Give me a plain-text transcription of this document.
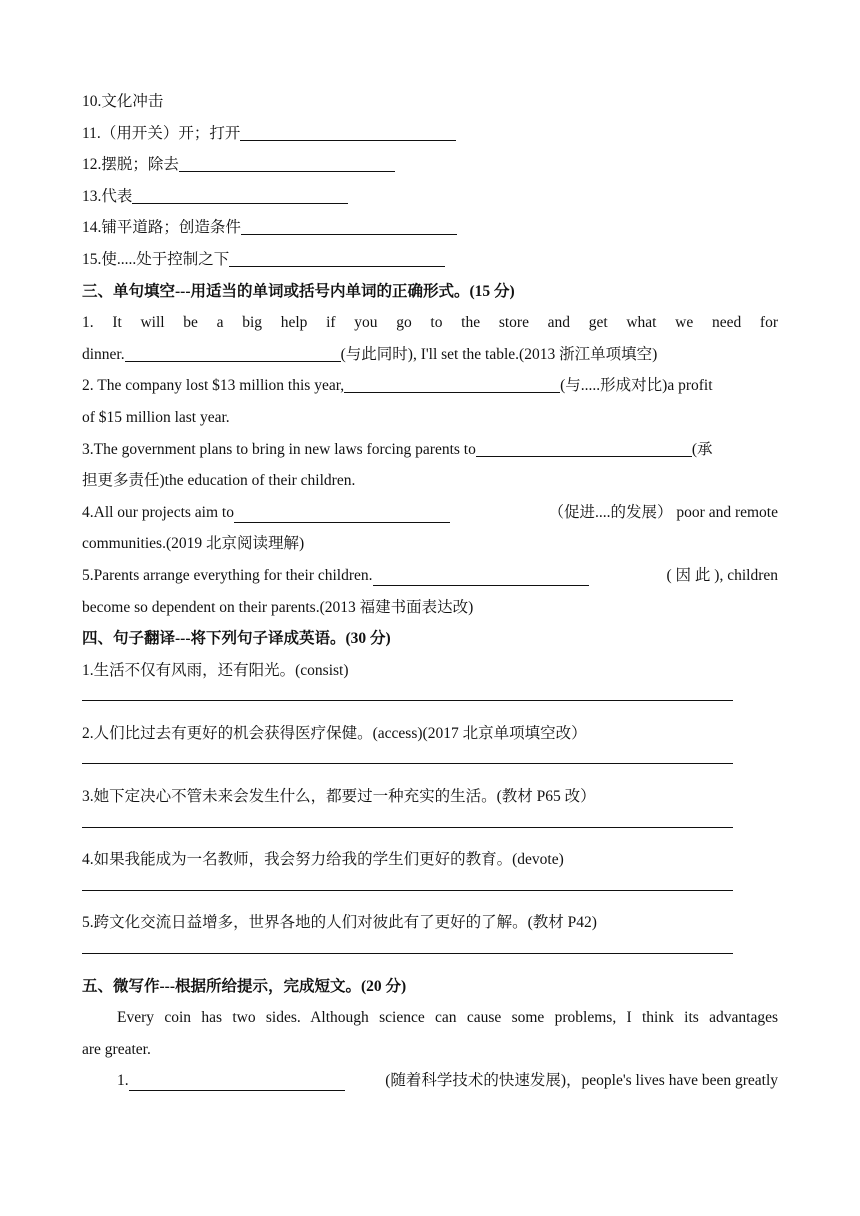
10.文化冲击
11.（用开关）开；打开
12.摆脱；除去
13.代表
14.铺平道路；创造条件
15.使.....处于控制之下
三、单句填空---用适当的单词或括号内单词的正确形式。(15 分)
1. It will be a big help if you go to the store and get what we need for
dinner.	(与此同时), I'll set the table.(2013 浙江单项填空)
2. The company lost $13 million this year,	(与.....形成对比)a profit
of $15 million last year.
3.The government plans to bring in new laws forcing parents to	(承
担更多责任)the education of their children.
4.All our projects aim to	（促进....的发展） poor and remote
communities.(2019 北京阅读理解)
5.Parents arrange everything for their children.	( 因 此 ), children
become so dependent on their parents.(2013 福建书面表达改)
四、句子翻译---将下列句子译成英语。(30 分)
1.生活不仅有风雨，还有阳光。(consist)
2.人们比过去有更好的机会获得医疗保健。(access)(2017 北京单项填空改）
3.她下定决心不管未来会发生什么，都要过一种充实的生活。(教材 P65 改）
4.如果我能成为一名教师，我会努力给我的学生们更好的教育。(devote)
5.跨文化交流日益增多，世界各地的人们对彼此有了更好的了解。(教材 P42)
五、微写作---根据所给提示，完成短文。(20 分)
Every coin has two sides. Although science can cause some problems, I think its advantages
are greater.
1.	(随着科学技术的快速发展)，people's lives have been greatly
